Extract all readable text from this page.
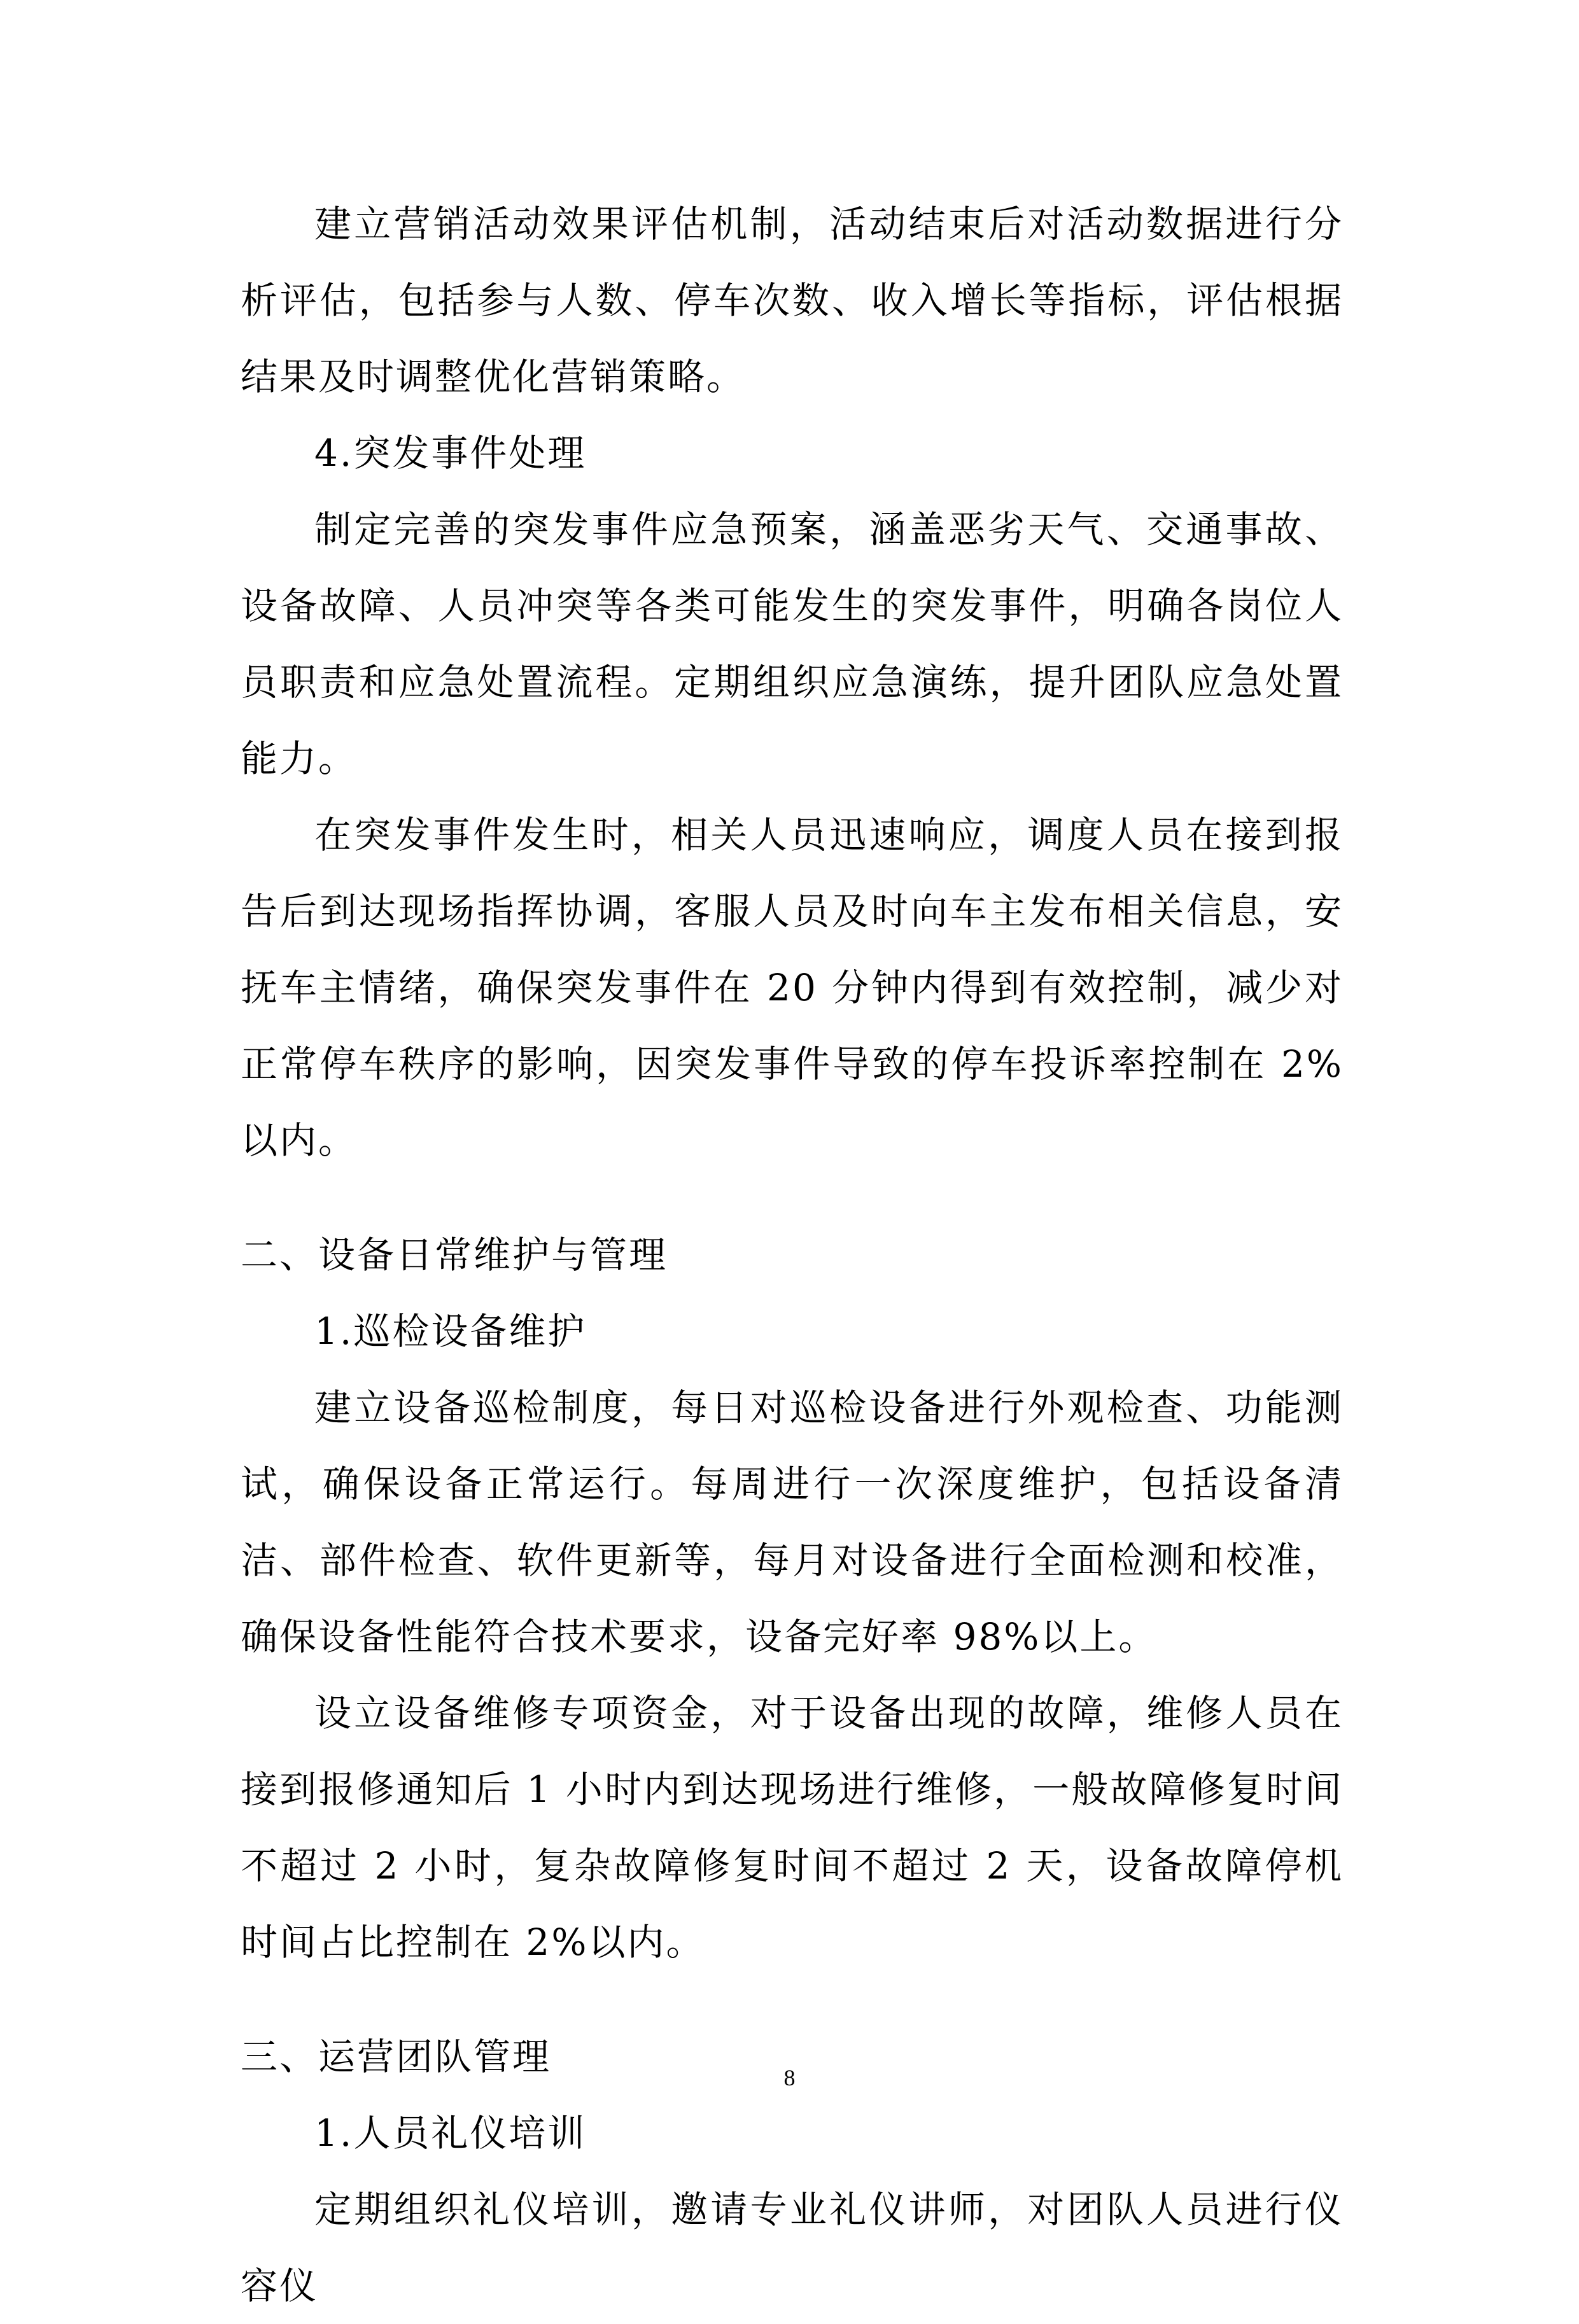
建立营销活动效果评估机制，活动结束后对活动数据进行分析评估，包括参与人数、停车次数、收入增长等指标，评估根据结果及时调整优化营销策略。

4.突发事件处理

制定完善的突发事件应急预案，涵盖恶劣天气、交通事故、设备故障、人员冲突等各类可能发生的突发事件，明确各岗位人员职责和应急处置流程。定期组织应急演练，提升团队应急处置能力。

在突发事件发生时，相关人员迅速响应，调度人员在接到报告后到达现场指挥协调，客服人员及时向车主发布相关信息，安抚车主情绪，确保突发事件在 20 分钟内得到有效控制，减少对正常停车秩序的影响，因突发事件导致的停车投诉率控制在 2%以内。

二、设备日常维护与管理

1.巡检设备维护

建立设备巡检制度，每日对巡检设备进行外观检查、功能测试，确保设备正常运行。每周进行一次深度维护，包括设备清洁、部件检查、软件更新等，每月对设备进行全面检测和校准，确保设备性能符合技术要求，设备完好率 98%以上。

设立设备维修专项资金，对于设备出现的故障，维修人员在接到报修通知后 1 小时内到达现场进行维修，一般故障修复时间不超过 2 小时，复杂故障修复时间不超过 2 天，设备故障停机时间占比控制在 2%以内。

三、运营团队管理

1.人员礼仪培训

定期组织礼仪培训，邀请专业礼仪讲师，对团队人员进行仪容仪

8
